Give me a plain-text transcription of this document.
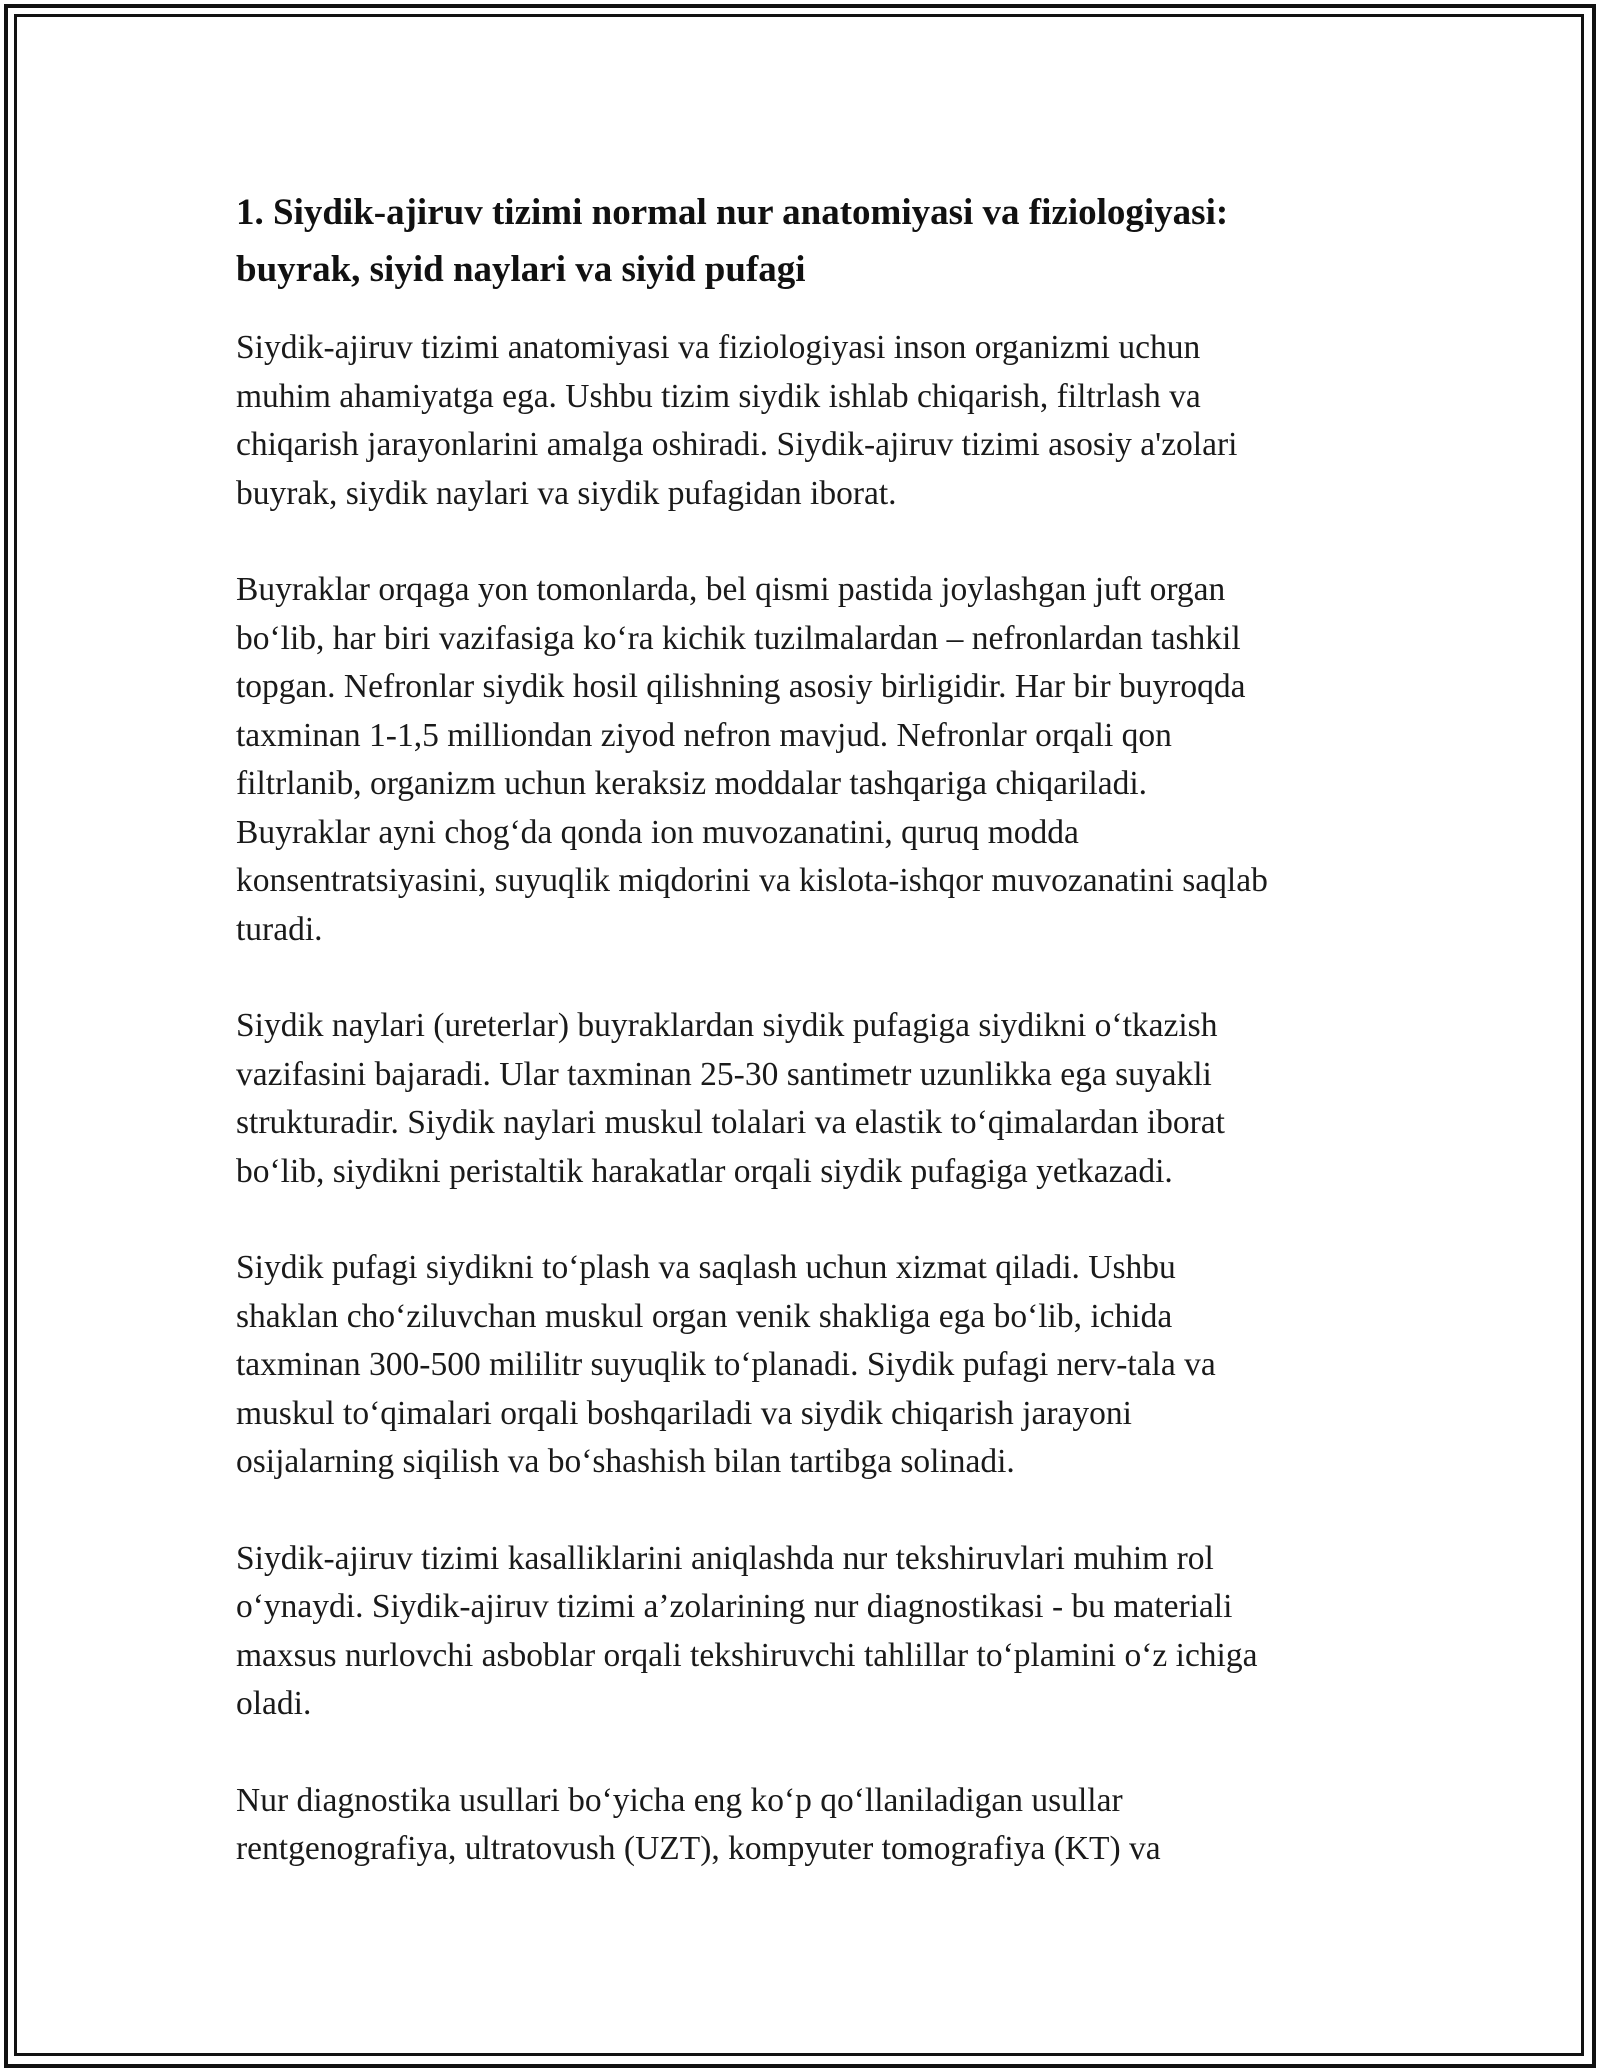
1. Siydik-ajiruv tizimi normal nur anatomiyasi va fiziologiyasi:
buyrak, siyid naylari va siyid pufagi

Siydik-ajiruv tizimi anatomiyasi va fiziologiyasi inson organizmi uchun
muhim ahamiyatga ega. Ushbu tizim siydik ishlab chiqarish, filtrlash va
chiqarish jarayonlarini amalga oshiradi. Siydik-ajiruv tizimi asosiy a'zolari
buyrak, siydik naylari va siydik pufagidan iborat.

Buyraklar orqaga yon tomonlarda, bel qismi pastida joylashgan juft organ
bo‘lib, har biri vazifasiga ko‘ra kichik tuzilmalardan – nefronlardan tashkil
topgan. Nefronlar siydik hosil qilishning asosiy birligidir. Har bir buyroqda
taxminan 1-1,5 milliondan ziyod nefron mavjud. Nefronlar orqali qon
filtrlanib, organizm uchun keraksiz moddalar tashqariga chiqariladi.
Buyraklar ayni chog‘da qonda ion muvozanatini, quruq modda
konsentratsiyasini, suyuqlik miqdorini va kislota-ishqor muvozanatini saqlab
turadi.

Siydik naylari (ureterlar) buyraklardan siydik pufagiga siydikni o‘tkazish
vazifasini bajaradi. Ular taxminan 25-30 santimetr uzunlikka ega suyakli
strukturadir. Siydik naylari muskul tolalari va elastik to‘qimalardan iborat
bo‘lib, siydikni peristaltik harakatlar orqali siydik pufagiga yetkazadi.

Siydik pufagi siydikni to‘plash va saqlash uchun xizmat qiladi. Ushbu
shaklan cho‘ziluvchan muskul organ venik shakliga ega bo‘lib, ichida
taxminan 300-500 mililitr suyuqlik to‘planadi. Siydik pufagi nerv-tala va
muskul to‘qimalari orqali boshqariladi va siydik chiqarish jarayoni
osijalarning siqilish va bo‘shashish bilan tartibga solinadi.

Siydik-ajiruv tizimi kasalliklarini aniqlashda nur tekshiruvlari muhim rol
o‘ynaydi. Siydik-ajiruv tizimi a’zolarining nur diagnostikasi - bu materiali
maxsus nurlovchi asboblar orqali tekshiruvchi tahlillar to‘plamini o‘z ichiga
oladi.

Nur diagnostika usullari bo‘yicha eng ko‘p qo‘llaniladigan usullar
rentgenografiya, ultratovush (UZT), kompyuter tomografiya (KT) va
